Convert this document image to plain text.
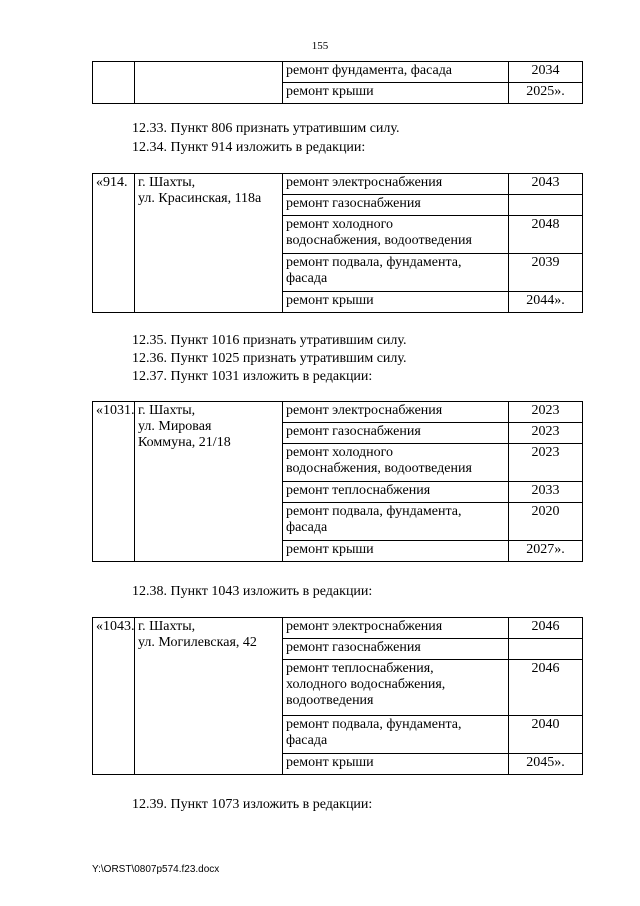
155
		ремонт фундамента, фасада	2034
		ремонт крыши	2025».
12.33. Пункт 806 признать утратившим силу.
12.34. Пункт 914 изложить в редакции:
«914.	г. Шахты,
ул. Красинская, 118а	ремонт электроснабжения	2043
		ремонт газоснабжения	

		ремонт холодного
водоснабжения, водоотведения	2048

		ремонт подвала, фундамента,
фасада	2039
		ремонт крыши	2044».
12.35. Пункт 1016 признать утратившим силу.
12.36. Пункт 1025 признать утратившим силу.
12.37. Пункт 1031 изложить в редакции:
«1031.	г. Шахты,
ул. Мировая
Коммуна, 21/18	ремонт электроснабжения	2023
		ремонт газоснабжения	2023

		ремонт холодного
водоснабжения, водоотведения	2023
		ремонт теплоснабжения	2033

		ремонт подвала, фундамента,
фасада	2020
		ремонт крыши	2027».
12.38. Пункт 1043 изложить в редакции:
«1043.	г. Шахты,
ул. Могилевская, 42	ремонт электроснабжения	2046
		ремонт газоснабжения	

		ремонт теплоснабжения,
холодного водоснабжения,
водоотведения	2046

		ремонт подвала, фундамента,
фасада	2040
		ремонт крыши	2045».
12.39. Пункт 1073 изложить в редакции:
Y:\ORST\0807p574.f23.docx
